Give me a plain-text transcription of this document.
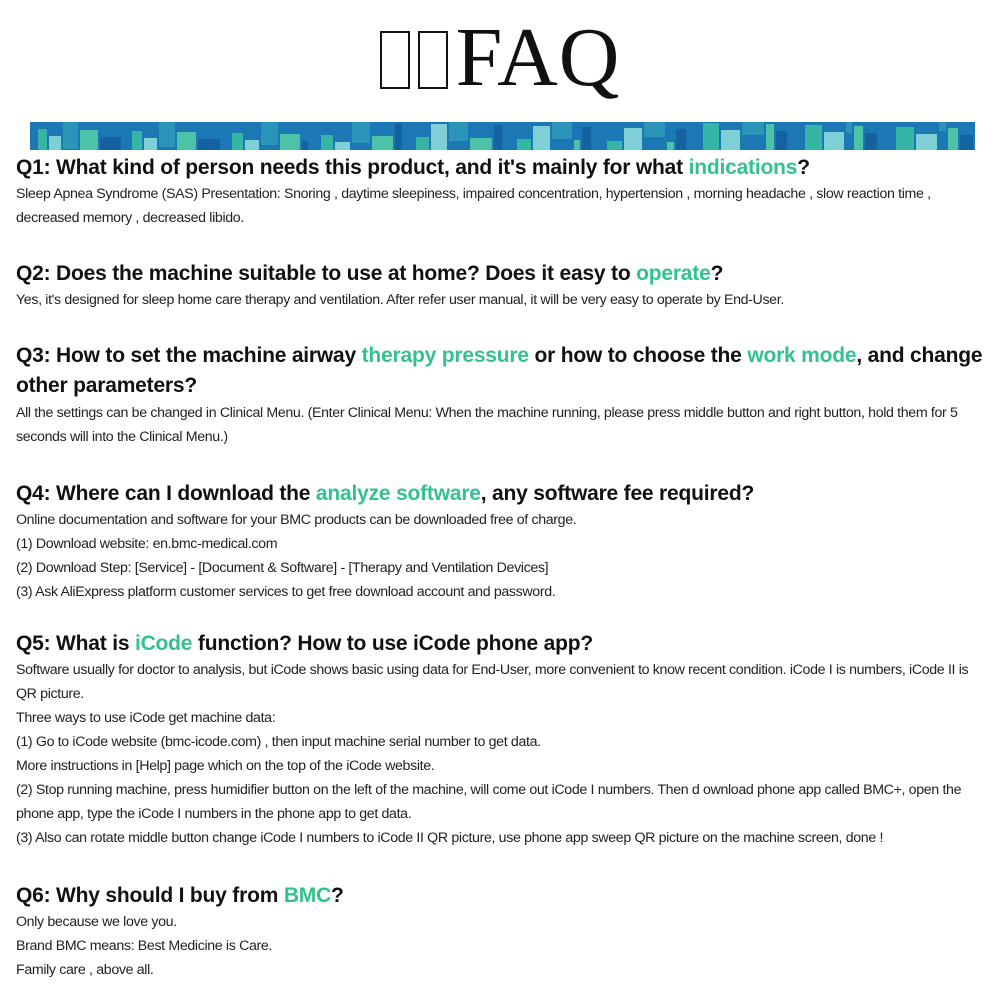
FAQ

Q1: What kind of person needs this product, and it's mainly for what indications?

Sleep Apnea Syndrome (SAS) Presentation: Snoring , daytime sleepiness, impaired concentration, hypertension , morning headache , slow reaction time , decreased memory , decreased libido.

Q2: Does the machine suitable to use at home? Does it easy to operate?

Yes, it's designed for sleep home care therapy and ventilation. After refer user manual, it will be very easy to operate by End-User.

Q3: How to set the machine airway therapy pressure or how to choose the work mode, and change other parameters?

All the settings can be changed in Clinical Menu. (Enter Clinical Menu: When the machine running, please press middle button and right button, hold them for 5 seconds will into the Clinical Menu.)

Q4: Where can I download the analyze software, any software fee required?

Online documentation and software for your BMC products can be downloaded free of charge.

(1) Download website: en.bmc-medical.com

(2) Download Step: [Service] - [Document & Software] - [Therapy and Ventilation Devices]

(3) Ask AliExpress platform customer services to get free download account and password.

Q5: What is iCode function? How to use iCode phone app?

Software usually for doctor to analysis, but iCode shows basic using data for End-User, more convenient to know recent condition. iCode I is numbers, iCode II is QR picture.

Three ways to use iCode get machine data:

(1) Go to iCode website (bmc-icode.com) , then input machine serial number to get data.

More instructions in [Help] page which on the top of the iCode website.

(2) Stop running machine, press humidifier button on the left of the machine, will come out iCode I numbers. Then d ownload phone app called BMC+, open the phone app, type the iCode I numbers in the phone app to get data.

(3) Also can rotate middle button change iCode I numbers to iCode II QR picture, use phone app sweep QR picture on the machine screen, done !

Q6: Why should I buy from BMC?

Only because we love you.

Brand BMC means: Best Medicine is Care.

Family care , above all.
